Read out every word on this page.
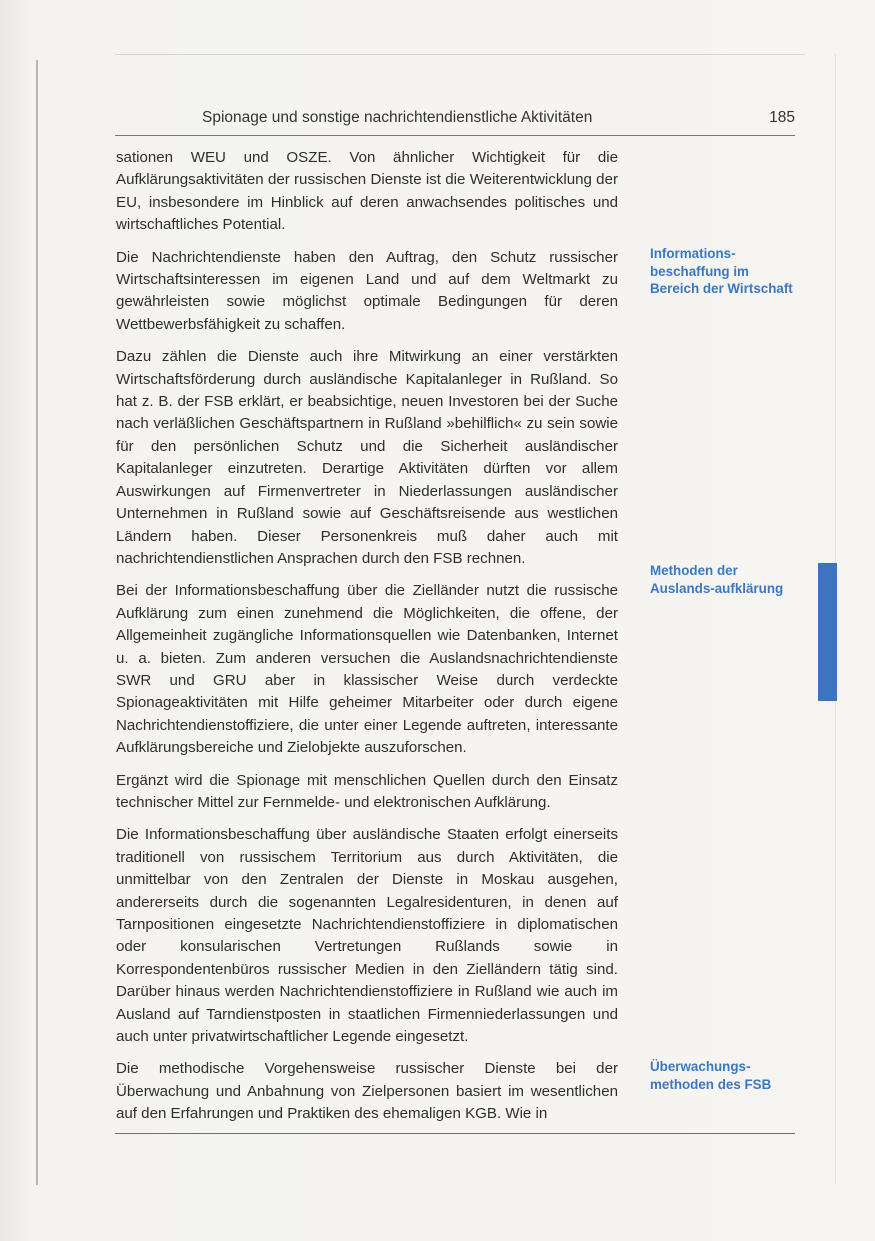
Spionage und sonstige nachrichtendienstliche Aktivitäten	185

sationen WEU und OSZE. Von ähnlicher Wichtigkeit für die Aufklärungsaktivitäten der russischen Dienste ist die Weiterentwicklung der EU, insbesondere im Hinblick auf deren anwachsendes politisches und wirtschaftliches Potential.

Die Nachrichtendienste haben den Auftrag, den Schutz russischer Wirtschaftsinteressen im eigenen Land und auf dem Weltmarkt zu gewährleisten sowie möglichst optimale Bedingungen für deren Wettbewerbsfähigkeit zu schaffen.

Dazu zählen die Dienste auch ihre Mitwirkung an einer verstärkten Wirtschaftsförderung durch ausländische Kapitalanleger in Rußland. So hat z. B. der FSB erklärt, er beabsichtige, neuen Investoren bei der Suche nach verläßlichen Geschäftspartnern in Rußland »behilflich« zu sein sowie für den persönlichen Schutz und die Sicherheit ausländischer Kapitalanleger einzutreten. Derartige Aktivitäten dürften vor allem Auswirkungen auf Firmenvertreter in Niederlassungen ausländischer Unternehmen in Rußland sowie auf Geschäftsreisende aus westlichen Ländern haben. Dieser Personenkreis muß daher auch mit nachrichtendienstlichen Ansprachen durch den FSB rechnen.

Bei der Informationsbeschaffung über die Zielländer nutzt die russische Aufklärung zum einen zunehmend die Möglichkeiten, die offene, der Allgemeinheit zugängliche Informationsquellen wie Datenbanken, Internet u. a. bieten. Zum anderen versuchen die Auslandsnachrichtendienste SWR und GRU aber in klassischer Weise durch verdeckte Spionageaktivitäten mit Hilfe geheimer Mitarbeiter oder durch eigene Nachrichtendienstoffiziere, die unter einer Legende auftreten, interessante Aufklärungsbereiche und Zielobjekte auszuforschen.

Ergänzt wird die Spionage mit menschlichen Quellen durch den Einsatz technischer Mittel zur Fernmelde- und elektronischen Aufklärung.

Die Informationsbeschaffung über ausländische Staaten erfolgt einerseits traditionell von russischem Territorium aus durch Aktivitäten, die unmittelbar von den Zentralen der Dienste in Moskau ausgehen, andererseits durch die sogenannten Legalresidenturen, in denen auf Tarnpositionen eingesetzte Nachrichtendienstoffiziere in diplomatischen oder konsularischen Vertretungen Rußlands sowie in Korrespondentenbüros russischer Medien in den Zielländern tätig sind. Darüber hinaus werden Nachrichtendienstoffiziere in Rußland wie auch im Ausland auf Tarndienstposten in staatlichen Firmenniederlassungen und auch unter privatwirtschaftlicher Legende eingesetzt.

Die methodische Vorgehensweise russischer Dienste bei der Überwachung und Anbahnung von Zielpersonen basiert im wesentlichen auf den Erfahrungen und Praktiken des ehemaligen KGB. Wie in

Informations-beschaffung im Bereich der Wirtschaft
Methoden der Auslands-aufklärung
Überwachungs-methoden des FSB
